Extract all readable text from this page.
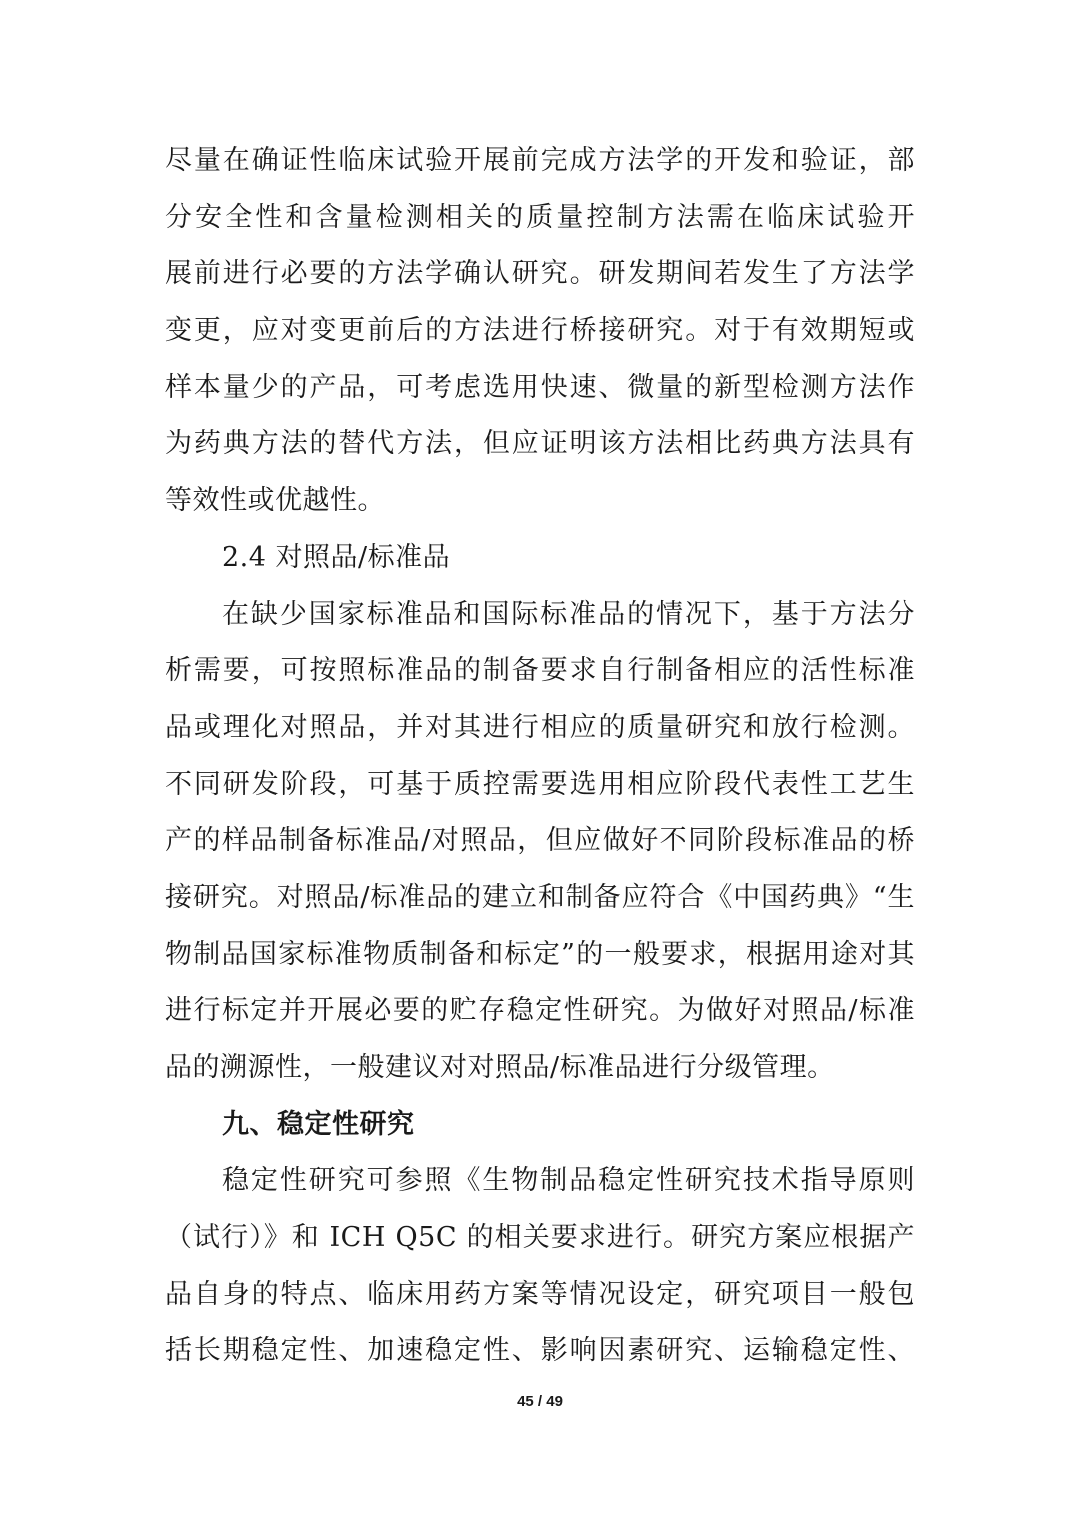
尽量在确证性临床试验开展前完成方法学的开发和验证，部
分安全性和含量检测相关的质量控制方法需在临床试验开
展前进行必要的方法学确认研究。研发期间若发生了方法学
变更，应对变更前后的方法进行桥接研究。对于有效期短或
样本量少的产品，可考虑选用快速、微量的新型检测方法作
为药典方法的替代方法，但应证明该方法相比药典方法具有
等效性或优越性。
2.4 对照品/标准品
在缺少国家标准品和国际标准品的情况下，基于方法分
析需要，可按照标准品的制备要求自行制备相应的活性标准
品或理化对照品，并对其进行相应的质量研究和放行检测。
不同研发阶段，可基于质控需要选用相应阶段代表性工艺生
产的样品制备标准品/对照品，但应做好不同阶段标准品的桥
接研究。对照品/标准品的建立和制备应符合《中国药典》“生
物制品国家标准物质制备和标定”的一般要求，根据用途对其
进行标定并开展必要的贮存稳定性研究。为做好对照品/标准
品的溯源性，一般建议对对照品/标准品进行分级管理。
九、稳定性研究
稳定性研究可参照《生物制品稳定性研究技术指导原则
（试行）》和 ICH Q5C 的相关要求进行。研究方案应根据产
品自身的特点、临床用药方案等情况设定，研究项目一般包
括长期稳定性、加速稳定性、影响因素研究、运输稳定性、
45 / 49
